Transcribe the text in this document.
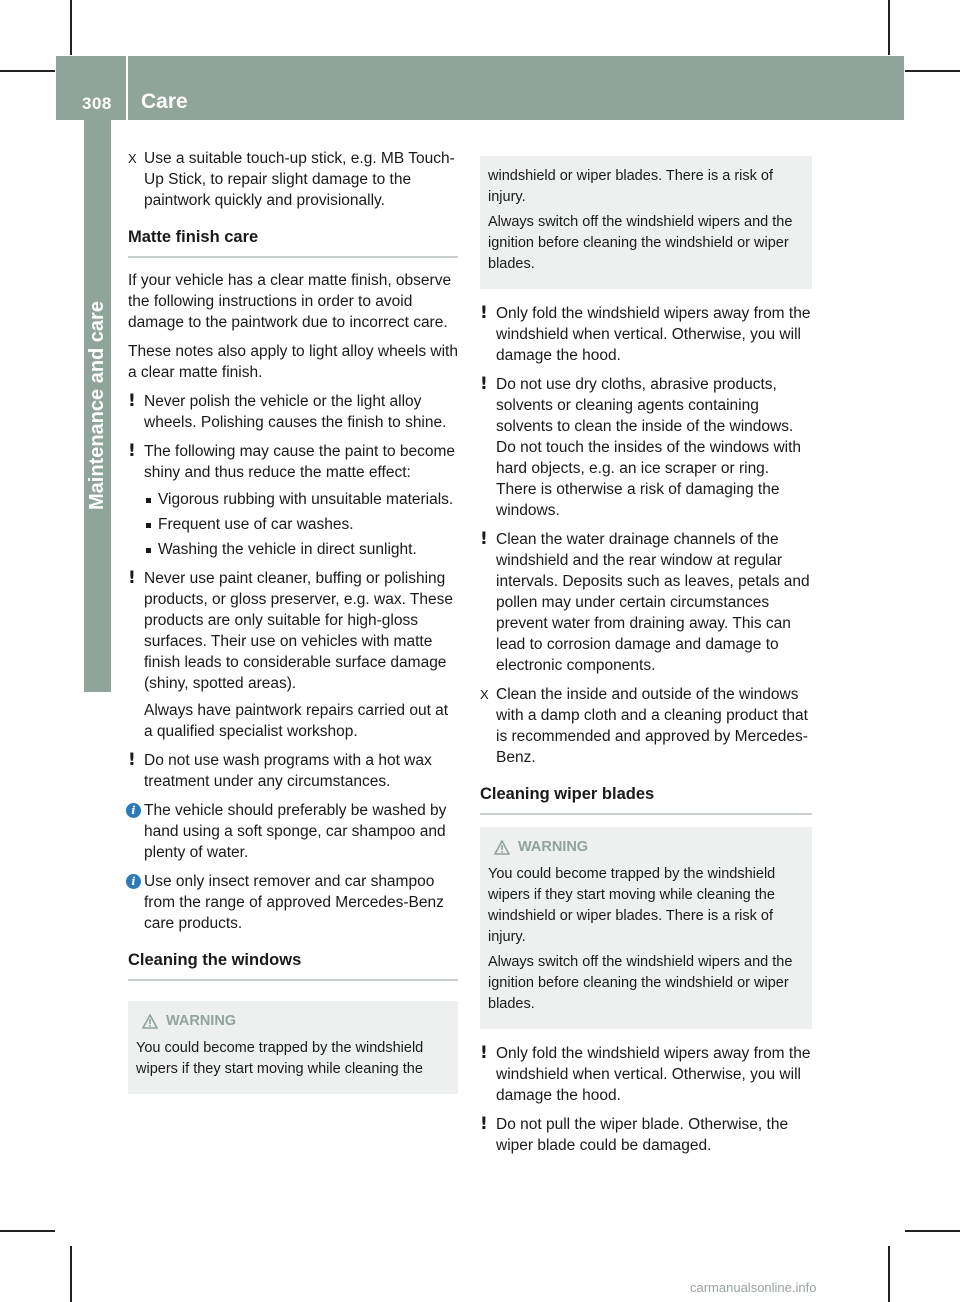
308 Care
Maintenance and care
X Use a suitable touch-up stick, e.g. MB Touch-Up Stick, to repair slight damage to the paintwork quickly and provisionally.

Matte finish care

If your vehicle has a clear matte finish, observe the following instructions in order to avoid damage to the paintwork due to incorrect care.

These notes also apply to light alloy wheels with a clear matte finish.

! Never polish the vehicle or the light alloy wheels. Polishing causes the finish to shine.

! The following may cause the paint to become shiny and thus reduce the matte effect:

Vigorous rubbing with unsuitable materials.
Frequent use of car washes.
Washing the vehicle in direct sunlight.
! Never use paint cleaner, buffing or polishing products, or gloss preserver, e.g. wax. These products are only suitable for high-gloss surfaces. Their use on vehicles with matte finish leads to considerable surface damage (shiny, spotted areas).

Always have paintwork repairs carried out at a qualified specialist workshop.

! Do not use wash programs with a hot wax treatment under any circumstances.

i The vehicle should preferably be washed by hand using a soft sponge, car shampoo and plenty of water.

i Use only insect remover and car shampoo from the range of approved Mercedes-Benz care products.

Cleaning the windows
WARNING

You could become trapped by the windshield wipers if they start moving while cleaning the

windshield or wiper blades. There is a risk of injury.

Always switch off the windshield wipers and the ignition before cleaning the windshield or wiper blades.

! Only fold the windshield wipers away from the windshield when vertical. Otherwise, you will damage the hood.

! Do not use dry cloths, abrasive products, solvents or cleaning agents containing solvents to clean the inside of the windows. Do not touch the insides of the windows with hard objects, e.g. an ice scraper or ring. There is otherwise a risk of damaging the windows.

! Clean the water drainage channels of the windshield and the rear window at regular intervals. Deposits such as leaves, petals and pollen may under certain circumstances prevent water from draining away. This can lead to corrosion damage and damage to electronic components.

X Clean the inside and outside of the windows with a damp cloth and a cleaning product that is recommended and approved by Mercedes-Benz.

Cleaning wiper blades
WARNING

You could become trapped by the windshield wipers if they start moving while cleaning the windshield or wiper blades. There is a risk of injury.

Always switch off the windshield wipers and the ignition before cleaning the windshield or wiper blades.

! Only fold the windshield wipers away from the windshield when vertical. Otherwise, you will damage the hood.

! Do not pull the wiper blade. Otherwise, the wiper blade could be damaged.

carmanualsonline.info
